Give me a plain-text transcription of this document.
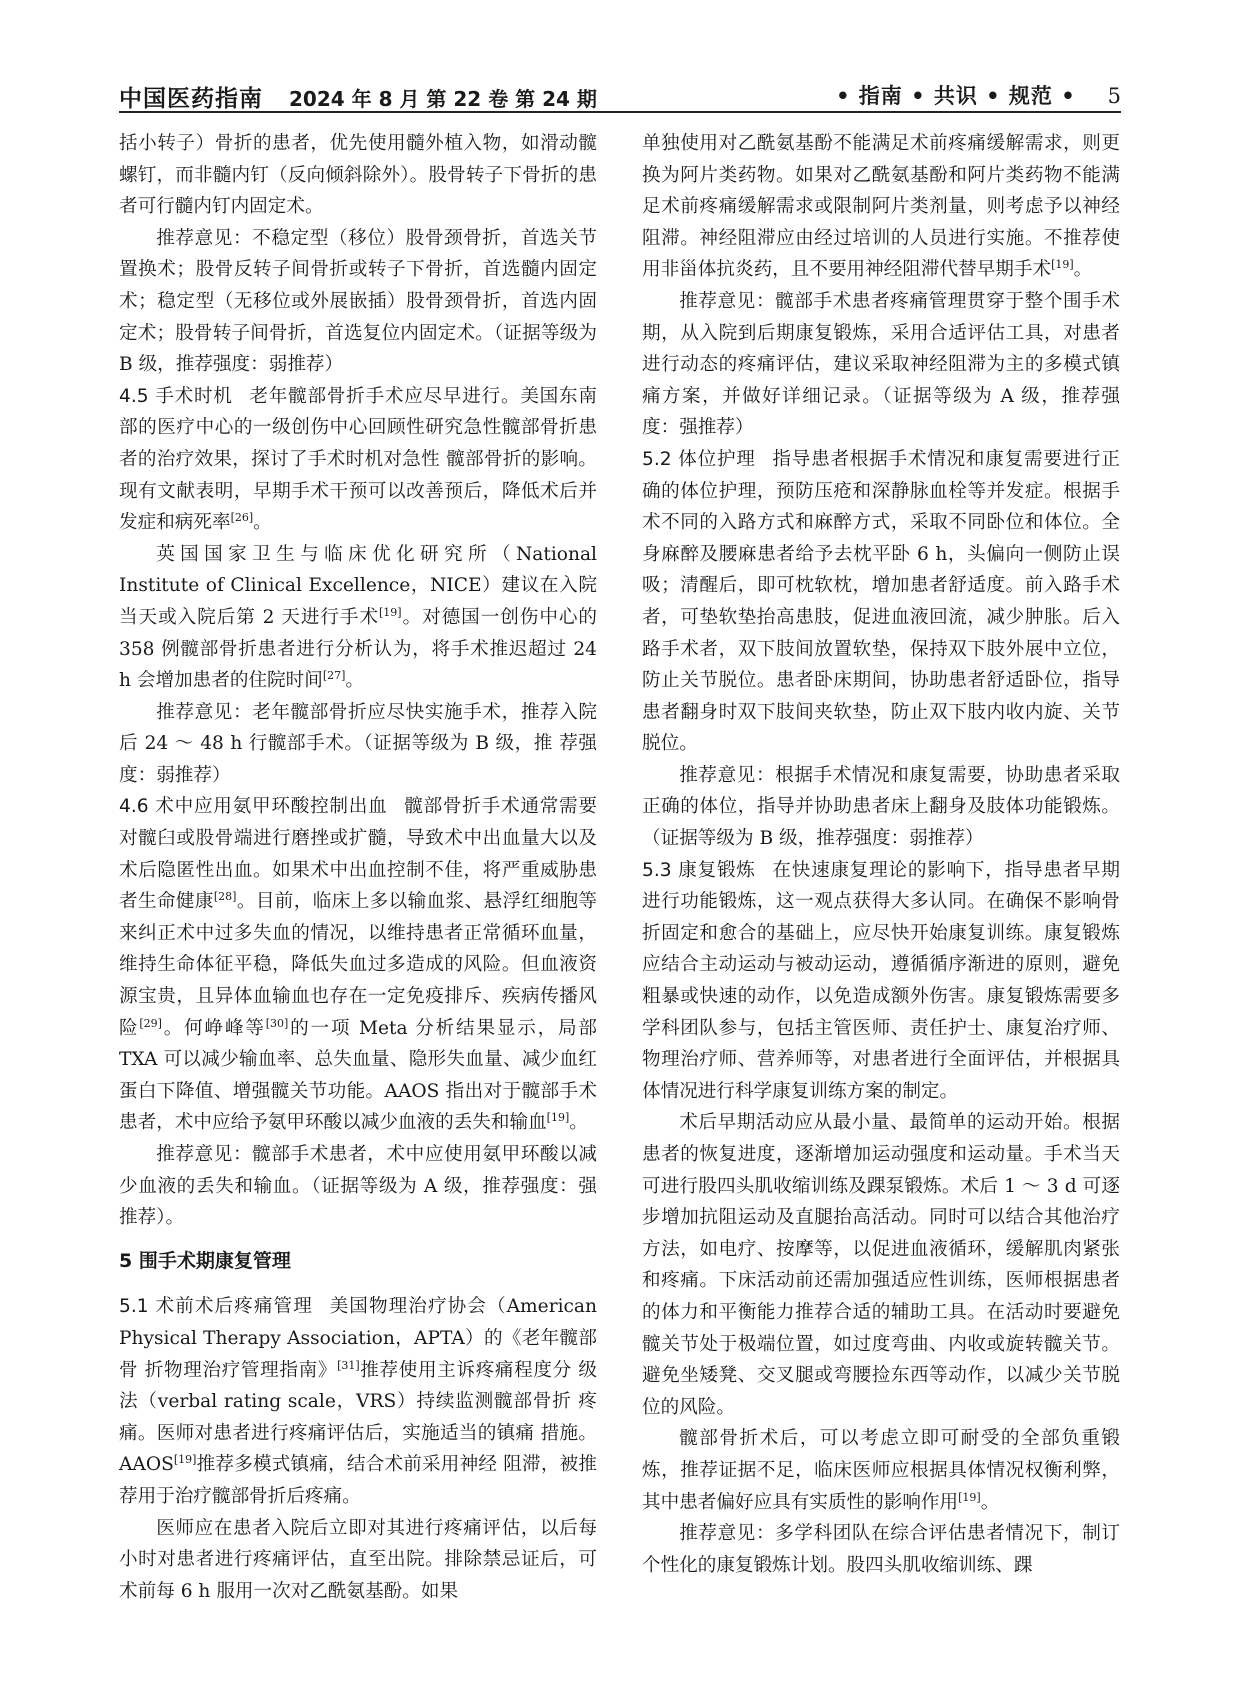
中国医药指南 2024 年 8 月 第 22 卷 第 24 期	• 指南 • 共识 • 规范 • 5

括小转子）骨折的患者，优先使用髓外植入物，如滑动髋螺钉，而非髓内钉（反向倾斜除外）。股骨转子下骨折的患者可行髓内钉内固定术。

推荐意见：不稳定型（移位）股骨颈骨折，首选关节置换术；股骨反转子间骨折或转子下骨折，首选髓内固定术；稳定型（无移位或外展嵌插）股骨颈骨折，首选内固定术；股骨转子间骨折，首选复位内固定术。（证据等级为 B 级，推荐强度：弱推荐）

4.5 手术时机 老年髋部骨折手术应尽早进行。美国东南部的医疗中心的一级创伤中心回顾性研究急性髋部骨折患者的治疗效果，探讨了手术时机对急性 髋部骨折的影响。现有文献表明，早期手术干预可以改善预后，降低术后并发症和病死率[26]。

英国国家卫生与临床优化研究所（National Institute of Clinical Excellence，NICE）建议在入院当天或入院后第 2 天进行手术[19]。对德国一创伤中心的 358 例髋部骨折患者进行分析认为，将手术推迟超过 24 h 会增加患者的住院时间[27]。

推荐意见：老年髋部骨折应尽快实施手术，推荐入院 后 24 ～ 48 h 行髋部手术。（证据等级为 B 级，推 荐强度：弱推荐）

4.6 术中应用氨甲环酸控制出血 髋部骨折手术通常需要对髋臼或股骨端进行磨挫或扩髓，导致术中出血量大以及术后隐匿性出血。如果术中出血控制不佳，将严重威胁患者生命健康[28]。目前，临床上多以输血浆、悬浮红细胞等来纠正术中过多失血的情况，以维持患者正常循环血量，维持生命体征平稳，降低失血过多造成的风险。但血液资源宝贵，且异体血输血也存在一定免疫排斥、疾病传播风险[29]。何峥峰等[30]的一项 Meta 分析结果显示，局部 TXA 可以减少输血率、总失血量、隐形失血量、减少血红蛋白下降值、增强髋关节功能。AAOS 指出对于髋部手术患者，术中应给予氨甲环酸以减少血液的丢失和输血[19]。

推荐意见：髋部手术患者，术中应使用氨甲环酸以减少血液的丢失和输血。（证据等级为 A 级，推荐强度：强推荐）。

5 围手术期康复管理

5.1 术前术后疼痛管理 美国物理治疗协会（American Physical Therapy Association，APTA）的《老年髋部骨 折物理治疗管理指南》[31]推荐使用主诉疼痛程度分 级法（verbal rating scale，VRS）持续监测髋部骨折 疼痛。医师对患者进行疼痛评估后，实施适当的镇痛 措施。AAOS[19]推荐多模式镇痛，结合术前采用神经 阻滞，被推荐用于治疗髋部骨折后疼痛。

医师应在患者入院后立即对其进行疼痛评估，以后每小时对患者进行疼痛评估，直至出院。排除禁忌证后，可术前每 6 h 服用一次对乙酰氨基酚。如果

单独使用对乙酰氨基酚不能满足术前疼痛缓解需求，则更换为阿片类药物。如果对乙酰氨基酚和阿片类药物不能满足术前疼痛缓解需求或限制阿片类剂量，则考虑予以神经阻滞。神经阻滞应由经过培训的人员进行实施。不推荐使用非甾体抗炎药，且不要用神经阻滞代替早期手术[19]。

推荐意见：髋部手术患者疼痛管理贯穿于整个围手术期，从入院到后期康复锻炼，采用合适评估工具，对患者进行动态的疼痛评估，建议采取神经阻滞为主的多模式镇痛方案，并做好详细记录。（证据等级为 A 级，推荐强度：强推荐）

5.2 体位护理 指导患者根据手术情况和康复需要进行正确的体位护理，预防压疮和深静脉血栓等并发症。根据手术不同的入路方式和麻醉方式，采取不同卧位和体位。全身麻醉及腰麻患者给予去枕平卧 6 h，头偏向一侧防止误吸；清醒后，即可枕软枕，增加患者舒适度。前入路手术者，可垫软垫抬高患肢，促进血液回流，减少肿胀。后入路手术者，双下肢间放置软垫，保持双下肢外展中立位，防止关节脱位。患者卧床期间，协助患者舒适卧位，指导患者翻身时双下肢间夹软垫，防止双下肢内收内旋、关节脱位。

推荐意见：根据手术情况和康复需要，协助患者采取正确的体位，指导并协助患者床上翻身及肢体功能锻炼。（证据等级为 B 级，推荐强度：弱推荐）

5.3 康复锻炼 在快速康复理论的影响下，指导患者早期进行功能锻炼，这一观点获得大多认同。在确保不影响骨折固定和愈合的基础上，应尽快开始康复训练。康复锻炼应结合主动运动与被动运动，遵循循序渐进的原则，避免粗暴或快速的动作，以免造成额外伤害。康复锻炼需要多学科团队参与，包括主管医师、责任护士、康复治疗师、物理治疗师、营养师等，对患者进行全面评估，并根据具体情况进行科学康复训练方案的制定。

术后早期活动应从最小量、最简单的运动开始。根据患者的恢复进度，逐渐增加运动强度和运动量。手术当天可进行股四头肌收缩训练及踝泵锻炼。术后 1 ～ 3 d 可逐步增加抗阻运动及直腿抬高活动。同时可以结合其他治疗方法，如电疗、按摩等，以促进血液循环，缓解肌肉紧张和疼痛。下床活动前还需加强适应性训练，医师根据患者的体力和平衡能力推荐合适的辅助工具。在活动时要避免髋关节处于极端位置，如过度弯曲、内收或旋转髋关节。避免坐矮凳、交叉腿或弯腰捡东西等动作，以减少关节脱位的风险。

髋部骨折术后，可以考虑立即可耐受的全部负重锻炼，推荐证据不足，临床医师应根据具体情况权衡利弊，其中患者偏好应具有实质性的影响作用[19]。

推荐意见：多学科团队在综合评估患者情况下，制订个性化的康复锻炼计划。股四头肌收缩训练、踝
